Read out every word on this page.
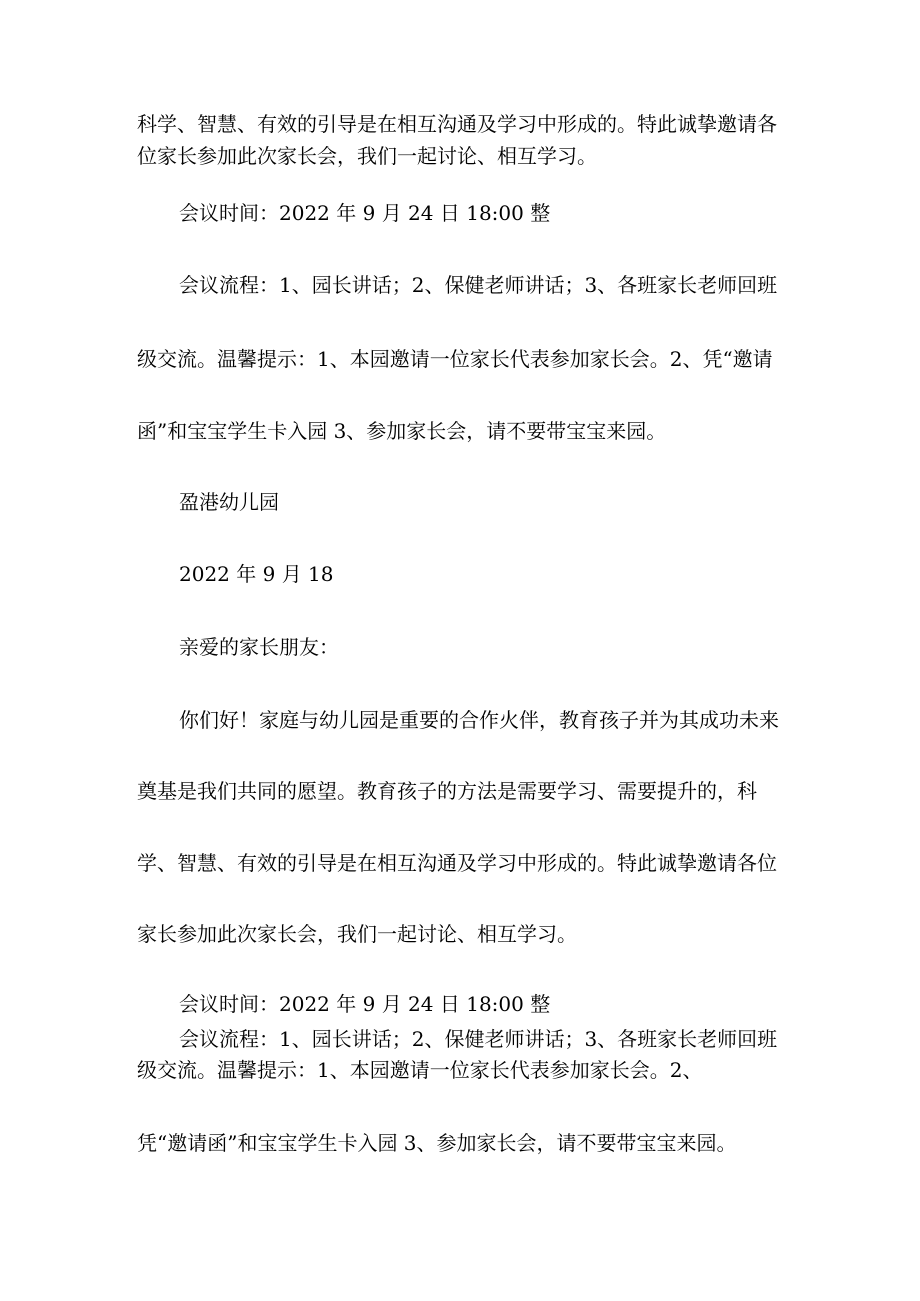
科学、智慧、有效的引导是在相互沟通及学习中形成的。特此诚挚邀请各

位家长参加此次家长会，我们一起讨论、相互学习。

会议时间：2022 年 9 月 24 日 18:00 整

会议流程：1、园长讲话；2、保健老师讲话；3、各班家长老师回班

级交流。温馨提示：1、本园邀请一位家长代表参加家长会。2、凭“邀请

函”和宝宝学生卡入园 3、参加家长会，请不要带宝宝来园。

盈港幼儿园

2022 年 9 月 18

亲爱的家长朋友：

你们好！家庭与幼儿园是重要的合作火伴，教育孩子并为其成功未来

奠基是我们共同的愿望。教育孩子的方法是需要学习、需要提升的，科

学、智慧、有效的引导是在相互沟通及学习中形成的。特此诚挚邀请各位

家长参加此次家长会，我们一起讨论、相互学习。

会议时间：2022 年 9 月 24 日 18:00 整

会议流程：1、园长讲话；2、保健老师讲话；3、各班家长老师回班

级交流。温馨提示：1、本园邀请一位家长代表参加家长会。2、

凭“邀请函”和宝宝学生卡入园 3、参加家长会，请不要带宝宝来园。
